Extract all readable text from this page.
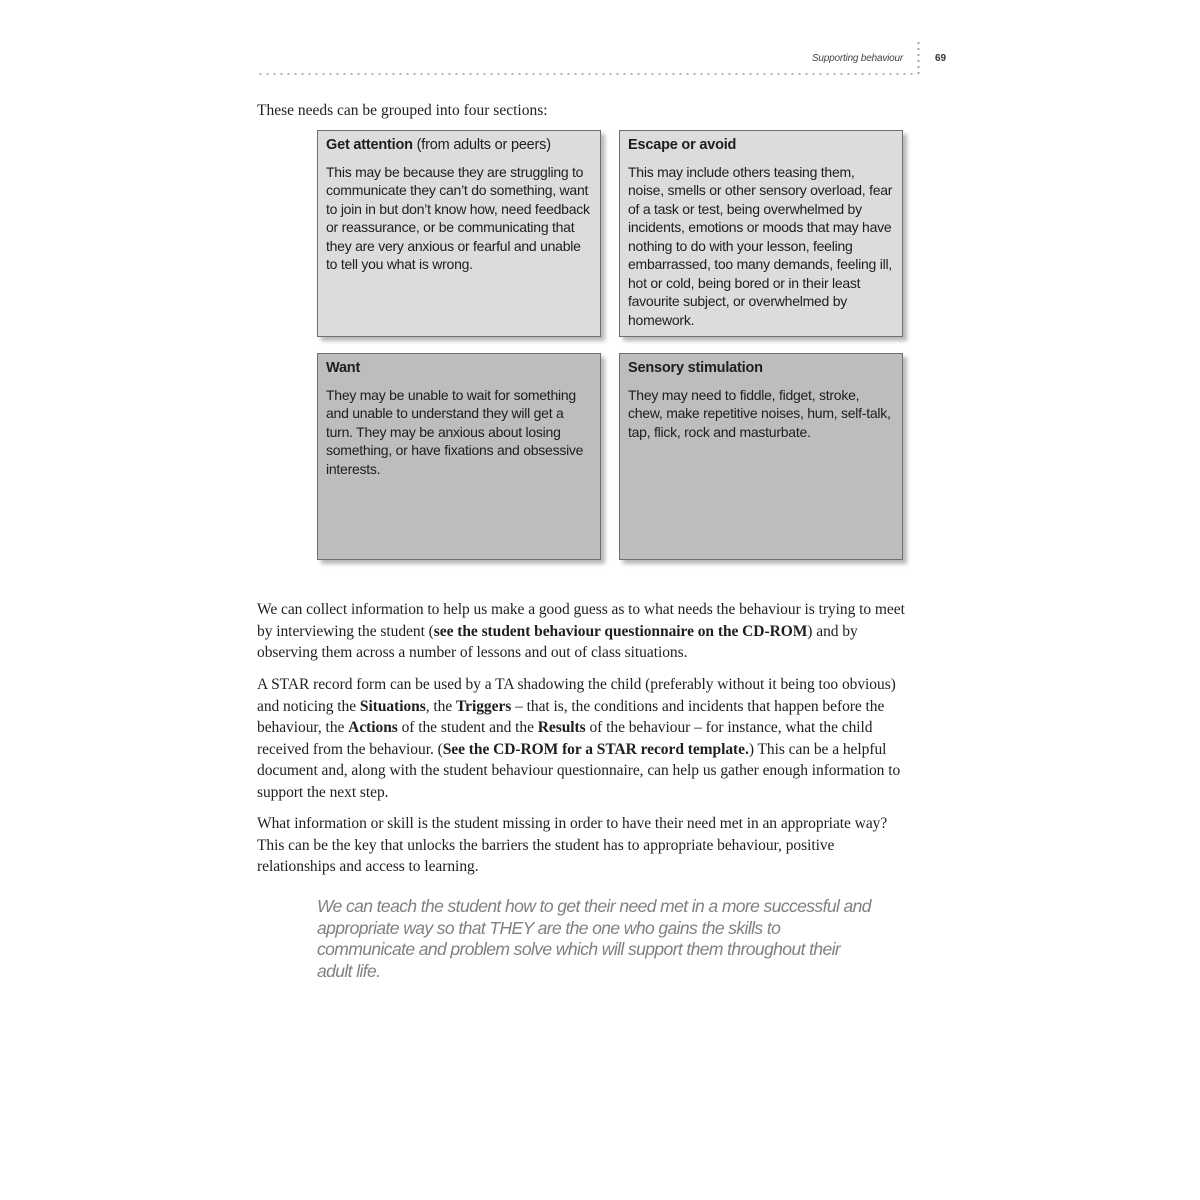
Supporting behaviour	69

These needs can be grouped into four sections:

Get attention (from adults or peers)

This may be because they are struggling to communicate they can’t do something, want to join in but don’t know how, need feedback or reassurance, or be communicating that they are very anxious or fearful and unable to tell you what is wrong.

Escape or avoid

This may include others teasing them, noise, smells or other sensory overload, fear of a task or test, being overwhelmed by incidents, emotions or moods that may have nothing to do with your lesson, feeling embarrassed, too many demands, feeling ill, hot or cold, being bored or in their least favourite subject, or overwhelmed by homework.

Want

They may be unable to wait for something and unable to understand they will get a turn. They may be anxious about losing something, or have fixations and obsessive interests.

Sensory stimulation

They may need to fiddle, fidget, stroke, chew, make repetitive noises, hum, self-talk, tap, flick, rock and masturbate.

We can collect information to help us make a good guess as to what needs the behaviour is trying to meet by interviewing the student (see the student behaviour questionnaire on the CD-ROM) and by observing them across a number of lessons and out of class situations.

A STAR record form can be used by a TA shadowing the child (preferably without it being too obvious) and noticing the Situations, the Triggers – that is, the conditions and incidents that happen before the behaviour, the Actions of the student and the Results of the behaviour – for instance, what the child received from the behaviour. (See the CD-ROM for a STAR record template.) This can be a helpful document and, along with the student behaviour questionnaire, can help us gather enough information to support the next step.

What information or skill is the student missing in order to have their need met in an appropriate way? This can be the key that unlocks the barriers the student has to appropriate behaviour, positive relationships and access to learning.

We can teach the student how to get their need met in a more successful and appropriate way so that THEY are the one who gains the skills to communicate and problem solve which will support them throughout their adult life.
